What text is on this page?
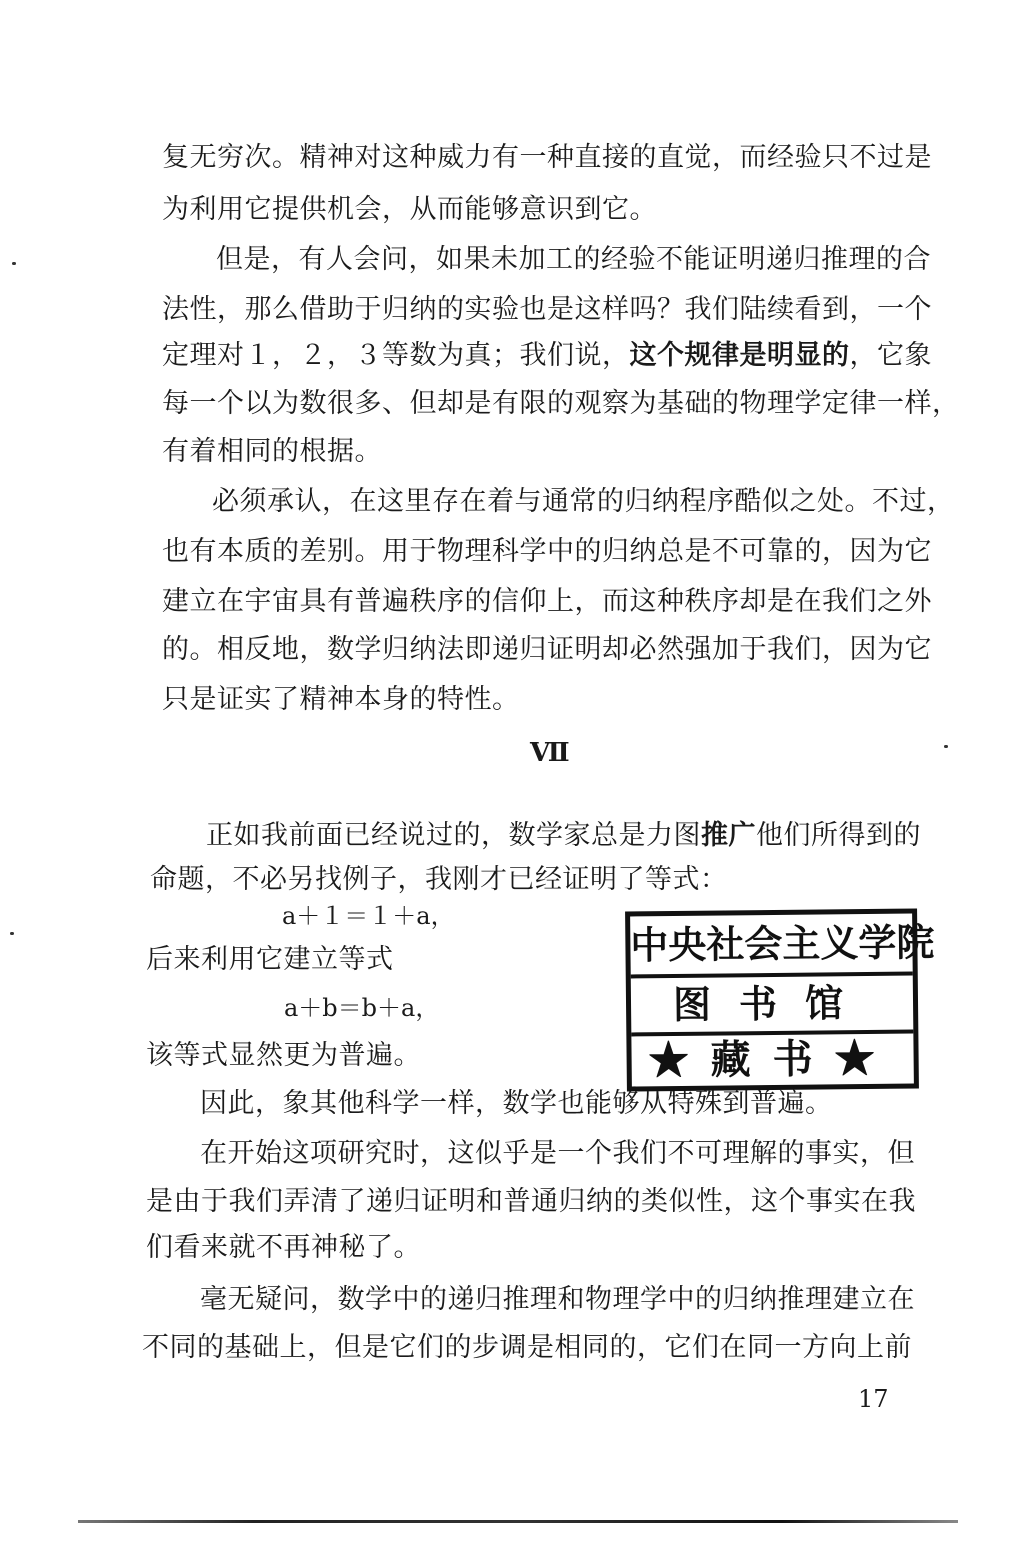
复无穷次。精神对这种威力有一种直接的直觉，而经验只不过是
为利用它提供机会，从而能够意识到它。
但是，有人会问，如果未加工的经验不能证明递归推理的合
法性，那么借助于归纳的实验也是这样吗？我们陆续看到，一个
定理对１，２，３等数为真；我们说，这个规律是明显的，它象
每一个以为数很多、但却是有限的观察为基础的物理学定律一样，
有着相同的根据。
必须承认，在这里存在着与通常的归纳程序酷似之处。不过，
也有本质的差别。用于物理科学中的归纳总是不可靠的，因为它
建立在宇宙具有普遍秩序的信仰上，而这种秩序却是在我们之外
的。相反地，数学归纳法即递归证明却必然强加于我们，因为它
只是证实了精神本身的特性。
Ⅶ
正如我前面已经说过的，数学家总是力图推广他们所得到的
命题，不必另找例子，我刚才已经证明了等式：
a＋１＝１＋a，
后来利用它建立等式
a＋b＝b＋a，
该等式显然更为普遍。
因此，象其他科学一样，数学也能够从特殊到普遍。
在开始这项研究时，这似乎是一个我们不可理解的事实，但
是由于我们弄清了递归证明和普通归纳的类似性，这个事实在我
们看来就不再神秘了。
毫无疑问，数学中的递归推理和物理学中的归纳推理建立在
不同的基础上，但是它们的步调是相同的，它们在同一方向上前
中央社会主义学院
图书馆
★藏书★
17
